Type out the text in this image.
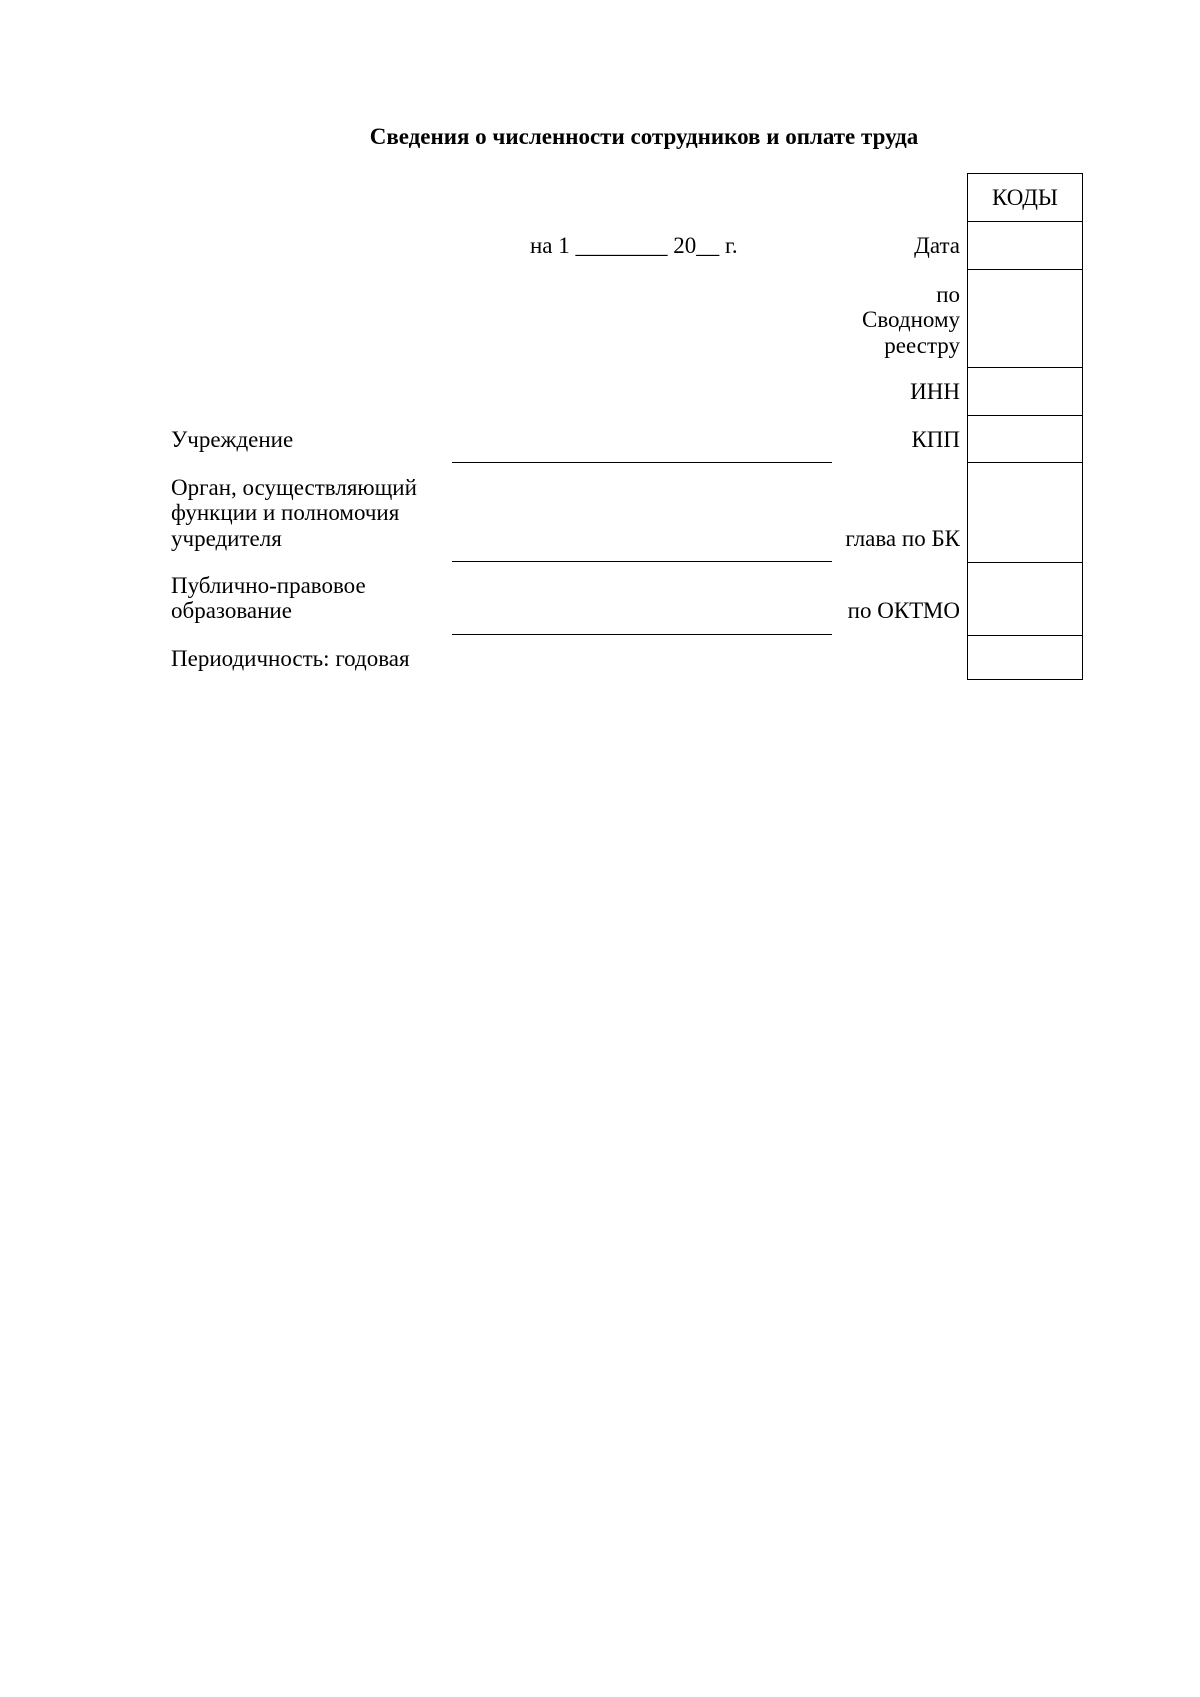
Сведения о численности сотрудников и оплате труда
на 1 ________ 20__ г.	Дата
по
Сводному
реестру
ИНН
КПП
глава по БК
по ОКТМО
КОДЫ
Учреждение
Орган, осуществляющий
функции и полномочия
учредителя
Публично-правовое
образование
Периодичность: годовая
